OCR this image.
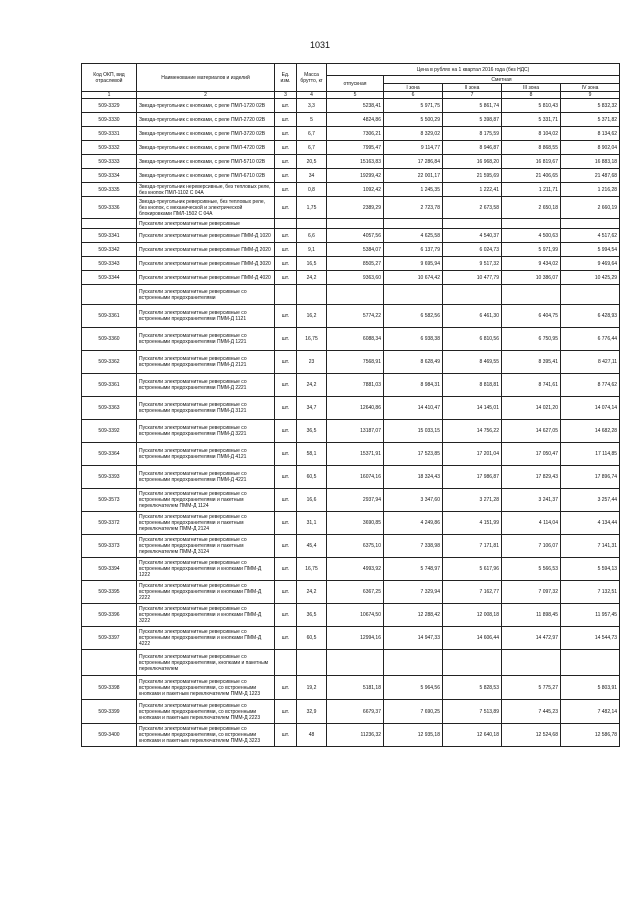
1031
Код ОКП, вид отраслевой	Наименование материалов и изделий	Ед. изм.	Масса брутто, кг	Цена в рублях на 1 квартал 2016 года (без НДС)				
				отпускная	Сметная			
					I зона	II зона	III зона	IV зона
1	2	3	4	5	6	7	8	9
509-3329	Звезда-треугольник с кнопками, с реле ПМЛ-1720 02В	шт.	3,3	5238,41	5 971,75	5 861,74	5 810,43	5 832,32
509-3330	Звезда-треугольник с кнопками, с реле ПМЛ-2720 02В	шт.	5	4824,86	5 500,29	5 398,87	5 331,71	5 371,82
509-3331	Звезда-треугольник с кнопками, с реле ПМЛ-3720 02В	шт.	6,7	7306,21	8 329,02	8 175,59	8 104,02	8 134,62
509-3332	Звезда-треугольник с кнопками, с реле ПМЛ-4720 02В	шт.	6,7	7995,47	9 114,77	8 946,87	8 868,55	8 902,04
509-3333	Звезда-треугольник с кнопками, с реле ПМЛ-5710 02В	шт.	20,5	15163,83	17 286,84	16 968,20	16 819,67	16 883,18
509-3334	Звезда-треугольник с кнопками, с реле ПМЛ-6710 02В	шт.	34	19299,42	22 001,17	21 595,69	21 406,65	21 487,68
509-3335	Звезда-треугольник нереверсивные, без тепловых реле, без кнопок ПМЛ-1102 С 04А	шт.	0,8	1092,42	1 245,35	1 222,41	1 211,71	1 216,28
509-3336	Звезда-треугольник реверсивные, без тепловых реле, без кнопок, с механической и электрической блокировками ПМЛ-1502 С 04А	шт.	1,75	2389,29	2 723,78	2 673,58	2 650,18	2 660,19
	Пускатели электромагнитные реверсивные							
509-3341	Пускатели электромагнитные реверсивные ПММ-Д 1020	шт.	6,6	4057,56	4 625,58	4 540,37	4 500,63	4 517,62
509-3342	Пускатели электромагнитные реверсивные ПММ-Д 2020	шт.	9,1	5384,07	6 137,79	6 024,73	5 971,99	5 994,54
509-3343	Пускатели электромагнитные реверсивные ПММ-Д 3020	шт.	16,5	8505,27	9 695,94	9 517,32	9 434,02	9 469,64
509-3344	Пускатели электромагнитные реверсивные ПММ-Д 4020	шт.	24,2	9363,60	10 674,42	10 477,79	10 386,07	10 425,29
	Пускатели электромагнитные реверсивные со встроенными предохранителями							
509-3361	Пускатели электромагнитные реверсивные со встроенными предохранителями ПММ-Д 1121	шт.	16,2	5774,22	6 582,56	6 461,30	6 404,75	6 428,93
509-3360	Пускатели электромагнитные реверсивные со встроенными предохранителями ПММ-Д 1221	шт.	16,75	6088,34	6 938,38	6 810,56	6 750,95	6 776,44
509-3362	Пускатели электромагнитные реверсивные со встроенными предохранителями ПММ-Д 2121	шт.	23	7568,91	8 628,49	8 469,55	8 395,41	8 427,11
509-3361	Пускатели электромагнитные реверсивные со встроенными предохранителями ПММ-Д 2221	шт.	24,2	7881,03	8 984,31	8 818,81	8 741,61	8 774,62
509-3363	Пускатели электромагнитные реверсивные со встроенными предохранителями ПММ-Д 3121	шт.	34,7	12640,86	14 410,47	14 145,01	14 021,20	14 074,14
509-3392	Пускатели электромагнитные реверсивные со встроенными предохранителями ПММ-Д 3221	шт.	36,5	13187,07	15 033,15	14 756,22	14 627,05	14 682,28
509-3364	Пускатели электромагнитные реверсивные со встроенными предохранителями ПММ-Д 4121	шт.	58,1	15371,91	17 523,85	17 201,04	17 050,47	17 114,85
509-3393	Пускатели электромагнитные реверсивные со встроенными предохранителями ПММ-Д 4221	шт.	60,5	16074,16	18 324,43	17 986,87	17 829,43	17 896,74
509-3573	Пускатели электромагнитные реверсивные со встроенными предохранителями и пакетным переключателем ПММ-Д 1124	шт.	16,6	2937,94	3 347,60	3 271,28	3 241,37	3 257,44
509-3372	Пускатели электромагнитные реверсивные со встроенными предохранителями и пакетным переключателем ПММ-Д 2124	шт.	31,1	3690,85	4 249,86	4 151,99	4 114,04	4 134,44
509-3373	Пускатели электромагнитные реверсивные со встроенными предохранителями и пакетным переключателем ПММ-Д 3124	шт.	45,4	6375,10	7 338,98	7 171,81	7 106,07	7 141,31
509-3394	Пускатели электромагнитные реверсивные со встроенными предохранителями и кнопками ПММ-Д 1222	шт.	16,75	4993,92	5 748,97	5 617,96	5 566,53	5 594,13
509-3395	Пускатели электромагнитные реверсивные со встроенными предохранителями и кнопками ПММ-Д 2222	шт.	24,2	6367,25	7 329,94	7 162,77	7 097,32	7 132,51
509-3396	Пускатели электромагнитные реверсивные со встроенными предохранителями и кнопками ПММ-Д 3222	шт.	36,5	10674,50	12 288,42	12 008,18	11 898,45	11 957,45
509-3397	Пускатели электромагнитные реверсивные со встроенными предохранителями и кнопками ПММ-Д 4222	шт.	60,5	12994,16	14 947,33	14 606,44	14 472,97	14 544,73
	Пускатели электромагнитные реверсивные со встроенными предохранителями, кнопками и пакетным переключателем							
509-3398	Пускатели электромагнитные реверсивные со встроенными предохранителями, со встроенными кнопками и пакетным переключателем ПММ-Д 1223	шт.	19,2	5181,18	5 964,56	5 828,53	5 775,27	5 803,91
509-3399	Пускатели электромагнитные реверсивные со встроенными предохранителями, со встроенными кнопками и пакетным переключателем ПММ-Д 2223	шт.	32,9	6679,37	7 690,25	7 513,89	7 445,23	7 482,14
509-3400	Пускатели электромагнитные реверсивные со встроенными предохранителями, со встроенными кнопками и пакетным переключателем ПММ-Д 3223	шт.	48	11236,32	12 935,18	12 640,18	12 524,68	12 586,78
